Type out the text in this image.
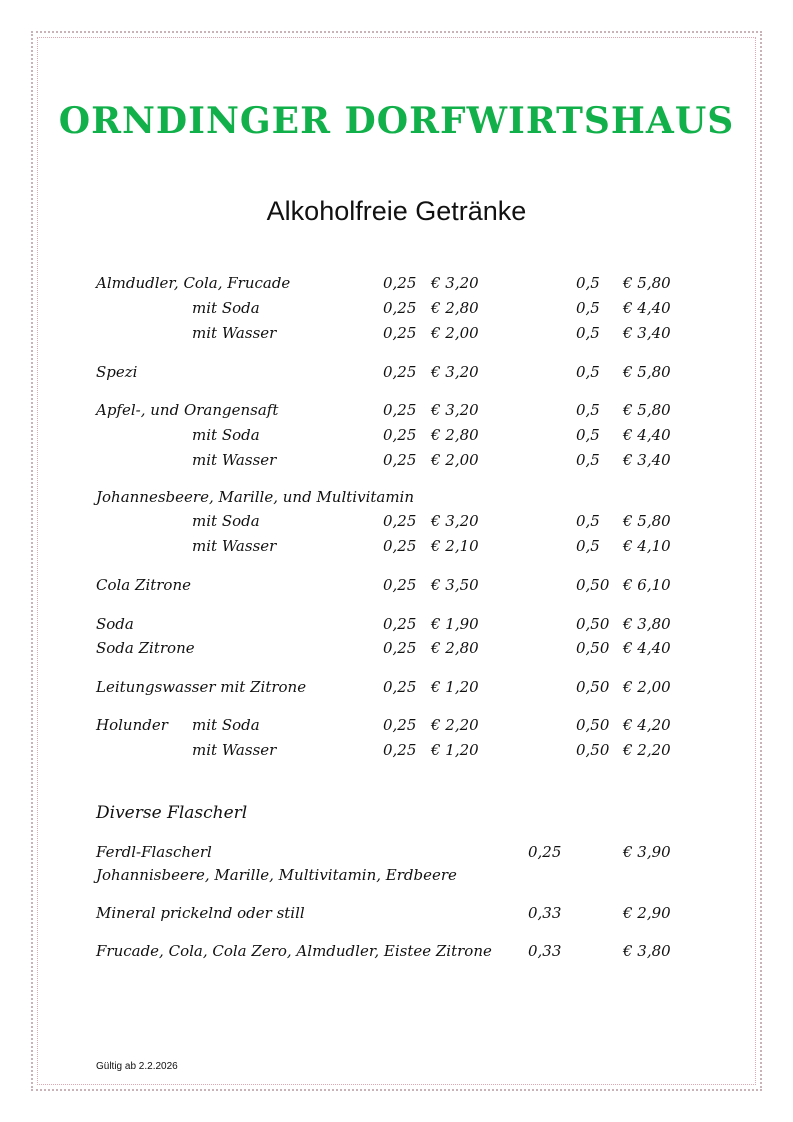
ORNDINGER DORFWIRTSHAUS
Alkoholfreie Getränke
Almdudler, Cola, Frucade	0,25 € 3,20	0,5 € 5,80
mit Soda	0,25 € 2,80	0,5 € 4,40
mit Wasser	0,25 € 2,00	0,5 € 3,40
Spezi	0,25 € 3,20	0,5 € 5,80
Apfel-, und Orangensaft	0,25 € 3,20	0,5 € 5,80
mit Soda	0,25 € 2,80	0,5 € 4,40
mit Wasser	0,25 € 2,00	0,5 € 3,40
Johannesbeere, Marille, und Multivitamin
mit Soda	0,25 € 3,20	0,5 € 5,80
mit Wasser	0,25 € 2,10	0,5 € 4,10
Cola Zitrone	0,25 € 3,50	0,50 € 6,10
Soda	0,25 € 1,90	0,50 € 3,80
Soda Zitrone	0,25 € 2,80	0,50 € 4,40
Leitungswasser mit Zitrone	0,25 € 1,20	0,50 € 2,00
Holunder mit Soda	0,25 € 2,20	0,50 € 4,20
mit Wasser	0,25 € 1,20	0,50 € 2,20
Diverse Flascherl
Ferdl-Flascherl	0,25	€ 3,90
Johannisbeere, Marille, Multivitamin, Erdbeere
Mineral prickelnd oder still	0,33	€ 2,90
Frucade, Cola, Cola Zero, Almdudler, Eistee Zitrone 0,33	€ 3,80
Gültig ab 2.2.2026
